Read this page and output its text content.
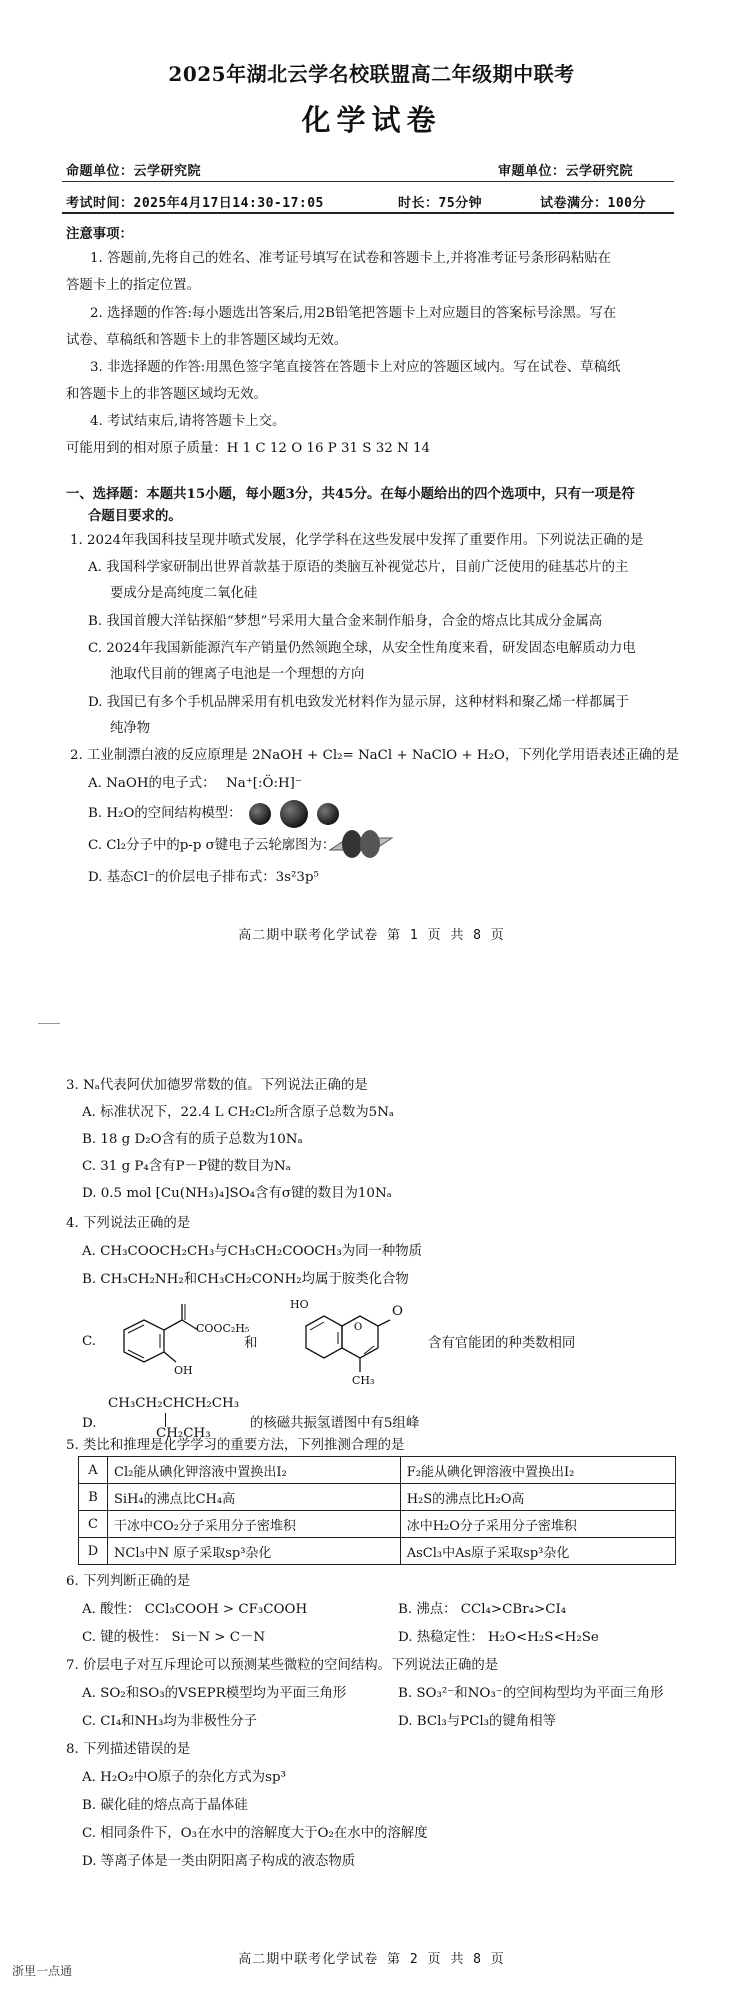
2025年湖北云学名校联盟高二年级期中联考
化学试卷
命题单位：云学研究院	审题单位：云学研究院
考试时间：2025年4月17日14:30-17:05	时长：75分钟	试卷满分：100分
注意事项：
1. 答题前,先将自己的姓名、准考证号填写在试卷和答题卡上,并将准考证号条形码粘贴在
答题卡上的指定位置。
2. 选择题的作答:每小题选出答案后,用2B铅笔把答题卡上对应题目的答案标号涂黑。写在
试卷、草稿纸和答题卡上的非答题区域均无效。
3. 非选择题的作答:用黑色签字笔直接答在答题卡上对应的答题区域内。写在试卷、草稿纸
和答题卡上的非答题区域均无效。
4. 考试结束后,请将答题卡上交。
可能用到的相对原子质量：H 1 C 12 O 16 P 31 S 32 N 14
一、选择题：本题共15小题，每小题3分，共45分。在每小题给出的四个选项中，只有一项是符
合题目要求的。
1. 2024年我国科技呈现井喷式发展，化学学科在这些发展中发挥了重要作用。下列说法正确的是
A. 我国科学家研制出世界首款基于原语的类脑互补视觉芯片，目前广泛使用的硅基芯片的主
要成分是高纯度二氧化硅
B. 我国首艘大洋钻探船“梦想”号采用大量合金来制作船身，合金的熔点比其成分金属高
C. 2024年我国新能源汽车产销量仍然领跑全球，从安全性角度来看，研发固态电解质动力电
池取代目前的锂离子电池是一个理想的方向
D. 我国已有多个手机品牌采用有机电致发光材料作为显示屏，这种材料和聚乙烯一样都属于
纯净物
2. 工业制漂白液的反应原理是 2NaOH + Cl₂= NaCl + NaClO + H₂O，下列化学用语表述正确的是
A. NaOH的电子式： Na⁺[:Ö:H]⁻
B. H₂O的空间结构模型：
C. Cl₂分子中的p-p σ键电子云轮廓图为：
D. 基态Cl⁻的价层电子排布式：3s²3p⁵
高二期中联考化学试卷 第 1 页 共 8 页
3. Nₐ代表阿伏加德罗常数的值。下列说法正确的是
A. 标准状况下，22.4 L CH₂Cl₂所含原子总数为5Nₐ
B. 18 g D₂O含有的质子总数为10Nₐ
C. 31 g P₄含有P－P键的数目为Nₐ
D. 0.5 mol [Cu(NH₃)₄]SO₄含有σ键的数目为10Nₐ
4. 下列说法正确的是
A. CH₃COOCH₂CH₃与CH₃CH₂COOCH₃为同一种物质
B. CH₃CH₂NH₂和CH₃CH₂CONH₂均属于胺类化合物
C.
COOC₂H₅
OH
和
HO
O
O
CH₃
含有官能团的种类数相同
D.
CH₃CH₂CHCH₂CH₃
CH₂CH₃
的核磁共振氢谱图中有5组峰
5. 类比和推理是化学学习的重要方法，下列推测合理的是
A	Cl₂能从碘化钾溶液中置换出I₂	F₂能从碘化钾溶液中置换出I₂
B	SiH₄的沸点比CH₄高	H₂S的沸点比H₂O高
C	干冰中CO₂分子采用分子密堆积	冰中H₂O分子采用分子密堆积
D	NCl₃中N 原子采取sp³杂化	AsCl₃中As原子采取sp³杂化
6. 下列判断正确的是
A. 酸性： CCl₃COOH > CF₃COOH	B. 沸点： CCl₄>CBr₄>CI₄
C. 键的极性： Si－N > C－N	D. 热稳定性： H₂O<H₂S<H₂Se
7. 价层电子对互斥理论可以预测某些微粒的空间结构。下列说法正确的是
A. SO₂和SO₃的VSEPR模型均为平面三角形	B. SO₃²⁻和NO₃⁻的空间构型均为平面三角形
C. CI₄和NH₃均为非极性分子	D. BCl₃与PCl₃的键角相等
8. 下列描述错误的是
A. H₂O₂中O原子的杂化方式为sp³
B. 碳化硅的熔点高于晶体硅
C. 相同条件下，O₃在水中的溶解度大于O₂在水中的溶解度
D. 等离子体是一类由阴阳离子构成的液态物质
高二期中联考化学试卷 第 2 页 共 8 页
浙里一点通
